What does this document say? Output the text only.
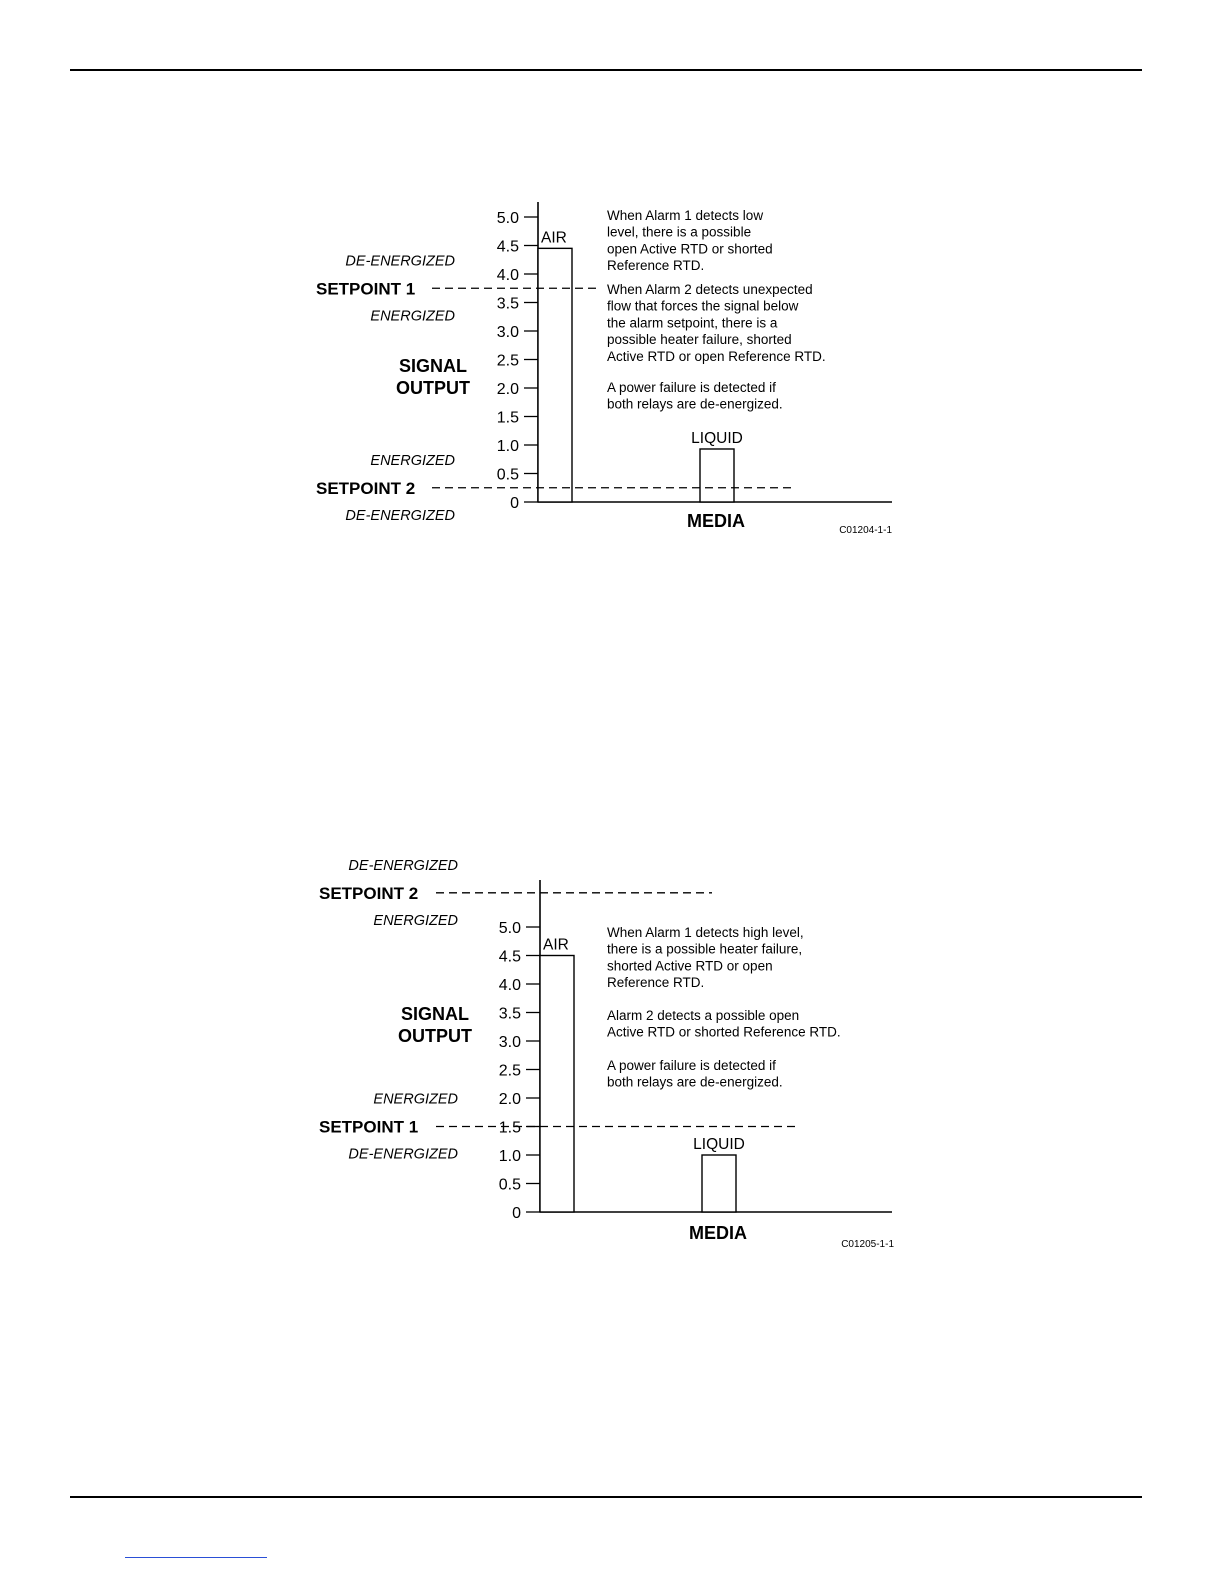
5.0
4.5
4.0
3.5
3.0
2.5
2.0
1.5
1.0
0.5
0
AIR
LIQUID
SETPOINT 1
DE-ENERGIZED
ENERGIZED
SETPOINT 2
ENERGIZED
DE-ENERGIZED
SIGNAL
OUTPUT
MEDIA	C01204-1-1
When Alarm 1 detects low
level, there is a possible
open Active RTD or shorted
Reference RTD.
When Alarm 2 detects unexpected
flow that forces the signal below
the alarm setpoint, there is a
possible heater failure, shorted
Active RTD or open Reference RTD.
A power failure is detected if
both relays are de-energized.
5.0
4.5
4.0
3.5
3.0
2.5
2.0
1.5
1.0
0.5
0
AIR
LIQUID
SETPOINT 2
DE-ENERGIZED
ENERGIZED
SETPOINT 1
ENERGIZED
DE-ENERGIZED
SIGNAL
OUTPUT
MEDIA
C01205-1-1
When Alarm 1 detects high level,
there is a possible heater failure,
shorted Active RTD or open
Reference RTD.
Alarm 2 detects a possible open
Active RTD or shorted Reference RTD.
A power failure is detected if
both relays are de-energized.
